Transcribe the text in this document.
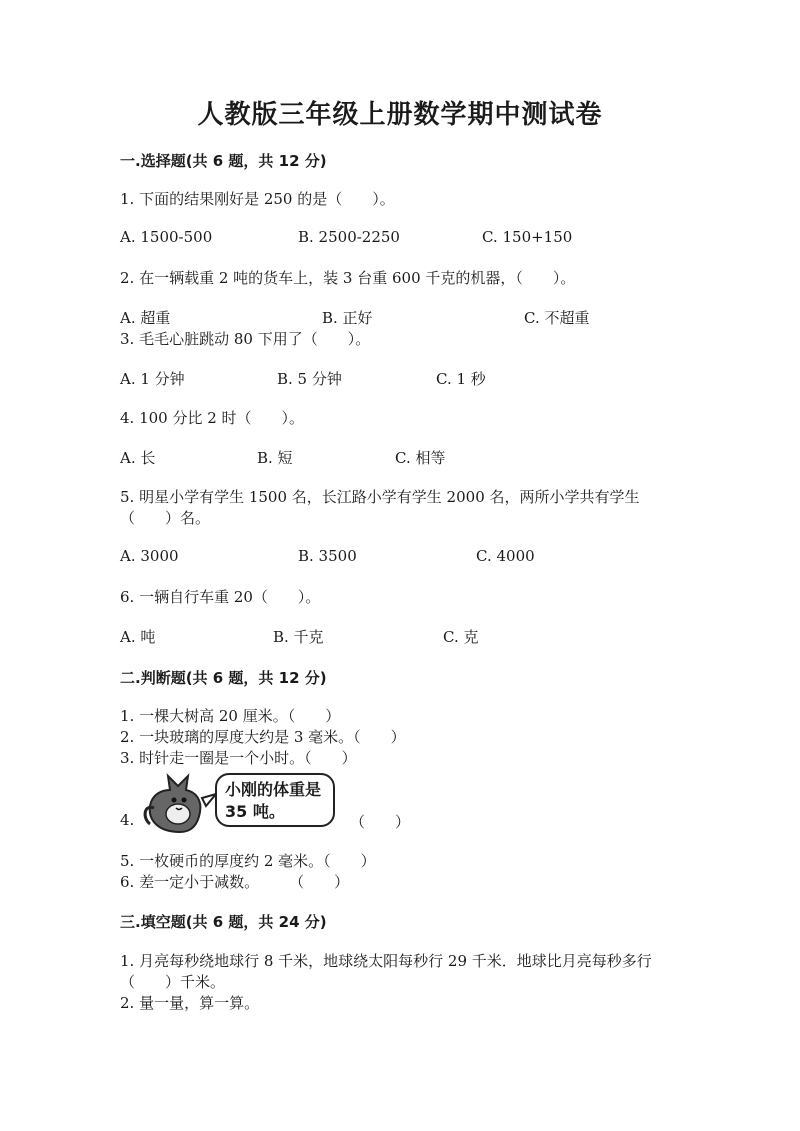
人教版三年级上册数学期中测试卷
一.选择题(共 6 题，共 12 分)
1. 下面的结果刚好是 250 的是（　　）。
A. 1500-500	B. 2500-2250	C. 150+150
2. 在一辆载重 2 吨的货车上，装 3 台重 600 千克的机器，（　　）。
A. 超重	B. 正好	C. 不超重
3. 毛毛心脏跳动 80 下用了（　　）。
A. 1 分钟	B. 5 分钟	C. 1 秒
4. 100 分比 2 时（　　）。
A. 长	B. 短	C. 相等
5. 明星小学有学生 1500 名，长江路小学有学生 2000 名，两所小学共有学生
（　　）名。
A. 3000	B. 3500	C. 4000
6. 一辆自行车重 20（　　）。
A. 吨	B. 千克	C. 克
二.判断题(共 6 题，共 12 分)
1. 一棵大树高 20 厘米。（　　）
2. 一块玻璃的厚度大约是 3 毫米。（　　）
3. 时针走一圈是一个小时。（　　）
4.
小刚的体重是
35 吨。
（　　）
5. 一枚硬币的厚度约 2 毫米。（　　）
6. 差一定小于减数。　　　（　　）
三.填空题(共 6 题，共 24 分)
1. 月亮每秒绕地球行 8 千米，地球绕太阳每秒行 29 千米．地球比月亮每秒多行
（　　）千米。
2. 量一量，算一算。
